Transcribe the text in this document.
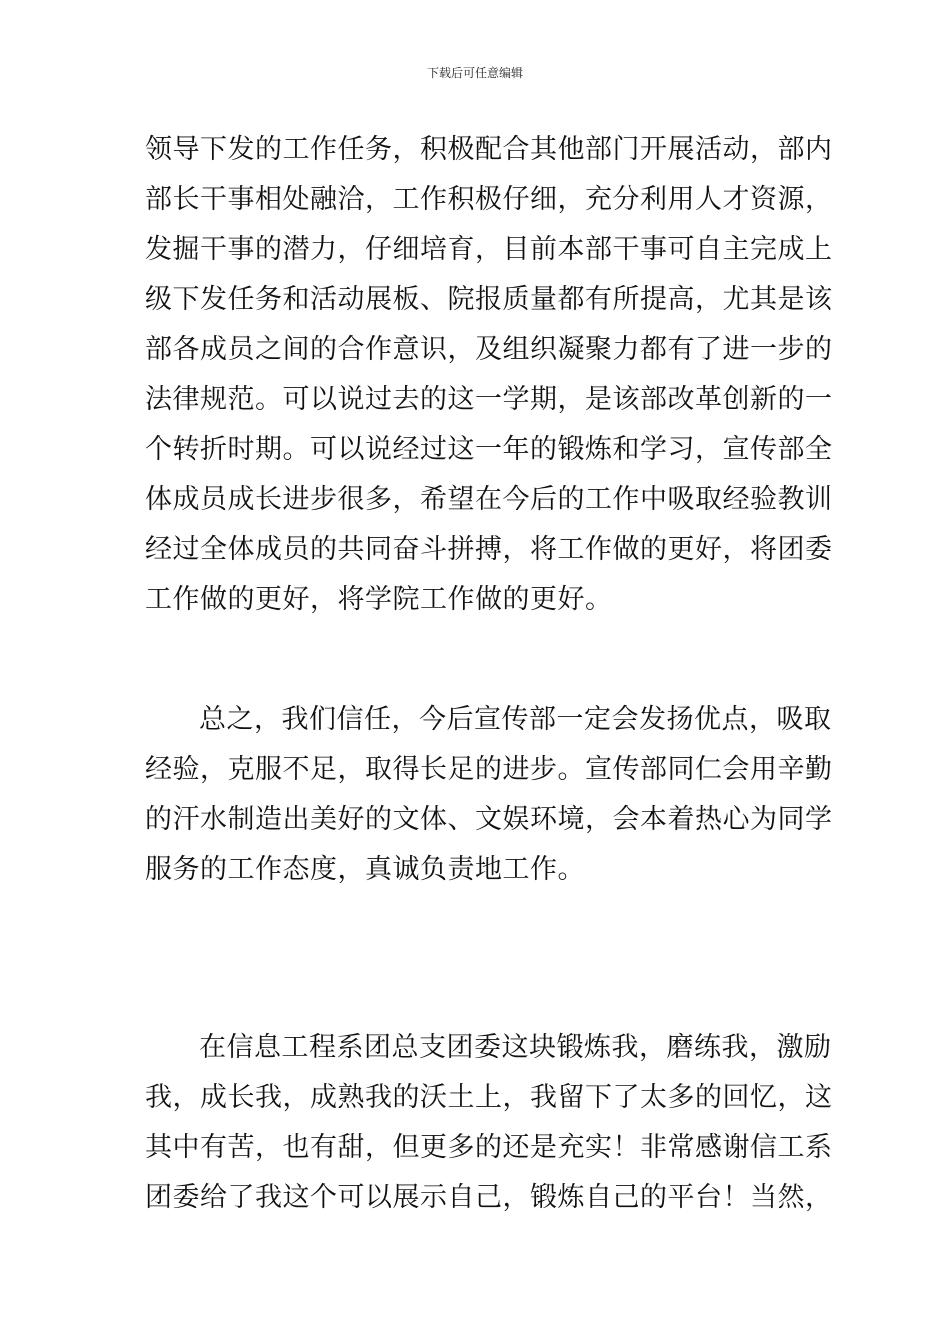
下载后可任意编辑
领导下发的工作任务，积极配合其他部门开展活动，部内
部长干事相处融洽，工作积极仔细，充分利用人才资源，
发掘干事的潜力，仔细培育，目前本部干事可自主完成上
级下发任务和活动展板、院报质量都有所提高，尤其是该
部各成员之间的合作意识，及组织凝聚力都有了进一步的
法律规范。可以说过去的这一学期，是该部改革创新的一
个转折时期。可以说经过这一年的锻炼和学习，宣传部全
体成员成长进步很多，希望在今后的工作中吸取经验教训
经过全体成员的共同奋斗拼搏，将工作做的更好，将团委
工作做的更好，将学院工作做的更好。
总之，我们信任，今后宣传部一定会发扬优点，吸取
经验，克服不足，取得长足的进步。宣传部同仁会用辛勤
的汗水制造出美好的文体、文娱环境，会本着热心为同学
服务的工作态度，真诚负责地工作。
在信息工程系团总支团委这块锻炼我，磨练我，激励
我，成长我，成熟我的沃土上，我留下了太多的回忆，这
其中有苦，也有甜，但更多的还是充实！非常感谢信工系
团委给了我这个可以展示自己，锻炼自己的平台！当然，
